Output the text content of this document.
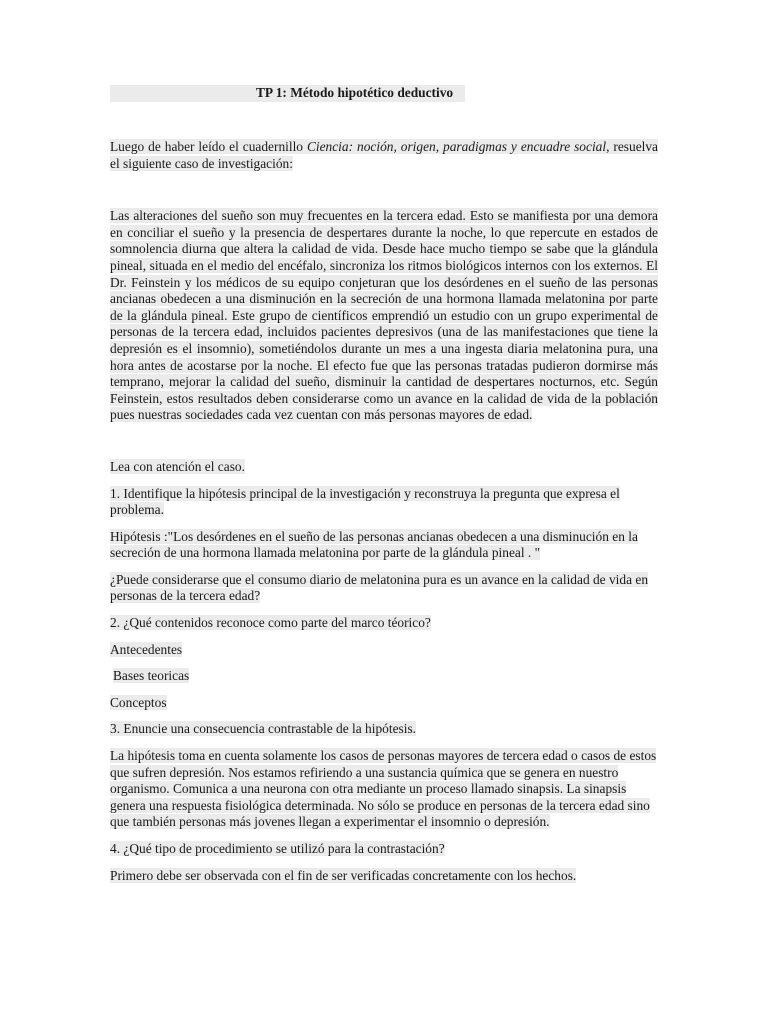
TP 1: Método hipotético deductivo

Luego de haber leído el cuadernillo Ciencia: noción, origen, paradigmas y encuadre social, resuelva el siguiente caso de investigación:

Las alteraciones del sueño son muy frecuentes en la tercera edad. Esto se manifiesta por una demora en conciliar el sueño y la presencia de despertares durante la noche, lo que repercute en estados de somnolencia diurna que altera la calidad de vida. Desde hace mucho tiempo se sabe que la glándula pineal, situada en el medio del encéfalo, sincroniza los ritmos biológicos internos con los externos. El Dr. Feinstein y los médicos de su equipo conjeturan que los desórdenes en el sueño de las personas ancianas obedecen a una disminución en la secreción de una hormona llamada melatonina por parte de la glándula pineal. Este grupo de científicos emprendió un estudio con un grupo experimental de personas de la tercera edad, incluidos pacientes depresivos (una de las manifestaciones que tiene la depresión es el insomnio), sometiéndolos durante un mes a una ingesta diaria melatonina pura, una hora antes de acostarse por la noche. El efecto fue que las personas tratadas pudieron dormirse más temprano, mejorar la calidad del sueño, disminuir la cantidad de despertares nocturnos, etc. Según Feinstein, estos resultados deben considerarse como un avance en la calidad de vida de la población pues nuestras sociedades cada vez cuentan con más personas mayores de edad.

Lea con atención el caso.

1. Identifique la hipótesis principal de la investigación y reconstruya la pregunta que expresa el problema.

Hipótesis :"Los desórdenes en el sueño de las personas ancianas obedecen a una disminución en la secreción de una hormona llamada melatonina por parte de la glándula pineal . "

¿Puede considerarse que el consumo diario de melatonina pura es un avance en la calidad de vida en personas de la tercera edad?

2. ¿Qué contenidos reconoce como parte del marco téorico?

Antecedentes

Bases teoricas

Conceptos

3. Enuncie una consecuencia contrastable de la hipótesis.

La hipótesis toma en cuenta solamente los casos de personas mayores de tercera edad o casos de estos que sufren depresión. Nos estamos refiriendo a una sustancia química que se genera en nuestro organismo. Comunica a una neurona con otra mediante un proceso llamado sinapsis. La sinapsis genera una respuesta fisiológica determinada. No sólo se produce en personas de la tercera edad sino que también personas más jovenes llegan a experimentar el insomnio o depresión.

4. ¿Qué tipo de procedimiento se utilizó para la contrastación?

Primero debe ser observada con el fin de ser verificadas concretamente con los hechos.
